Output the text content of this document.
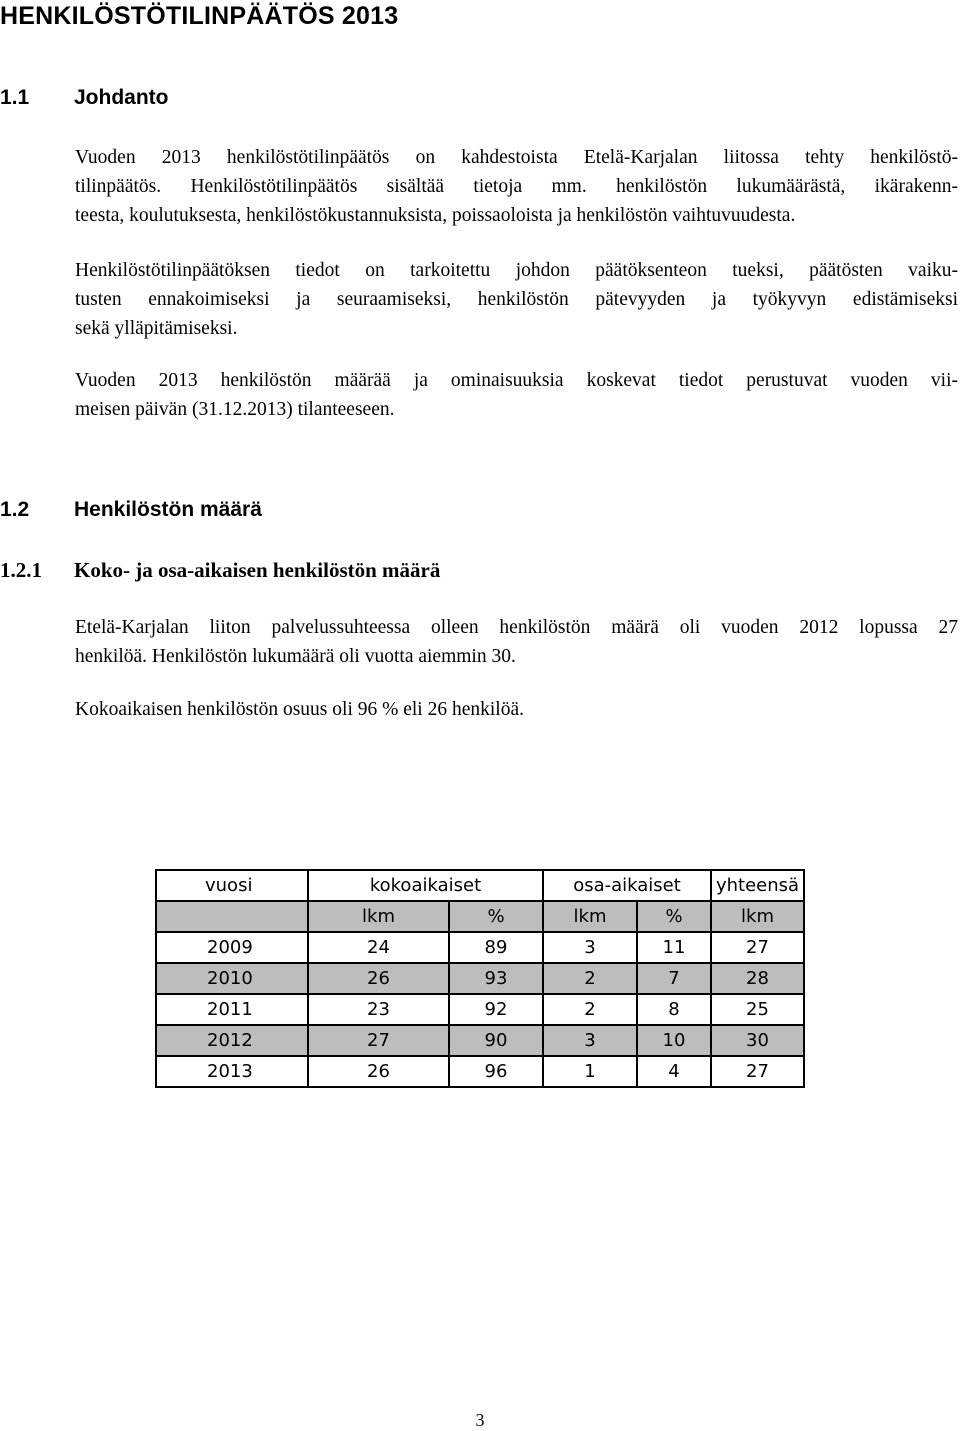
HENKILÖSTÖTILINPÄÄTÖS 2013
1.1 Johdanto
Vuoden 2013 henkilöstötilinpäätös on kahdestoista Etelä-Karjalan liitossa tehty henkilöstö-
tilinpäätös. Henkilöstötilinpäätös sisältää tietoja mm. henkilöstön lukumäärästä, ikärakenn-
teesta, koulutuksesta, henkilöstökustannuksista, poissaoloista ja henkilöstön vaihtuvuudesta.
Henkilöstötilinpäätöksen tiedot on tarkoitettu johdon päätöksenteon tueksi, päätösten vaiku-
tusten ennakoimiseksi ja seuraamiseksi, henkilöstön pätevyyden ja työkyvyn edistämiseksi
sekä ylläpitämiseksi.
Vuoden 2013 henkilöstön määrää ja ominaisuuksia koskevat tiedot perustuvat vuoden vii-
meisen päivän (31.12.2013) tilanteeseen.
1.2 Henkilöstön määrä
1.2.1 Koko- ja osa-aikaisen henkilöstön määrä
Etelä-Karjalan liiton palvelussuhteessa olleen henkilöstön määrä oli vuoden 2012 lopussa 27
henkilöä. Henkilöstön lukumäärä oli vuotta aiemmin 30.
Kokoaikaisen henkilöstön osuus oli 96 % eli 26 henkilöä.
vuosi	kokoaikaiset		osa-aikaiset		yhteensä
	lkm	%	lkm	%	lkm
2009	24	89	3	11	27
2010	26	93	2	7	28
2011	23	92	2	8	25
2012	27	90	3	10	30
2013	26	96	1	4	27
3
